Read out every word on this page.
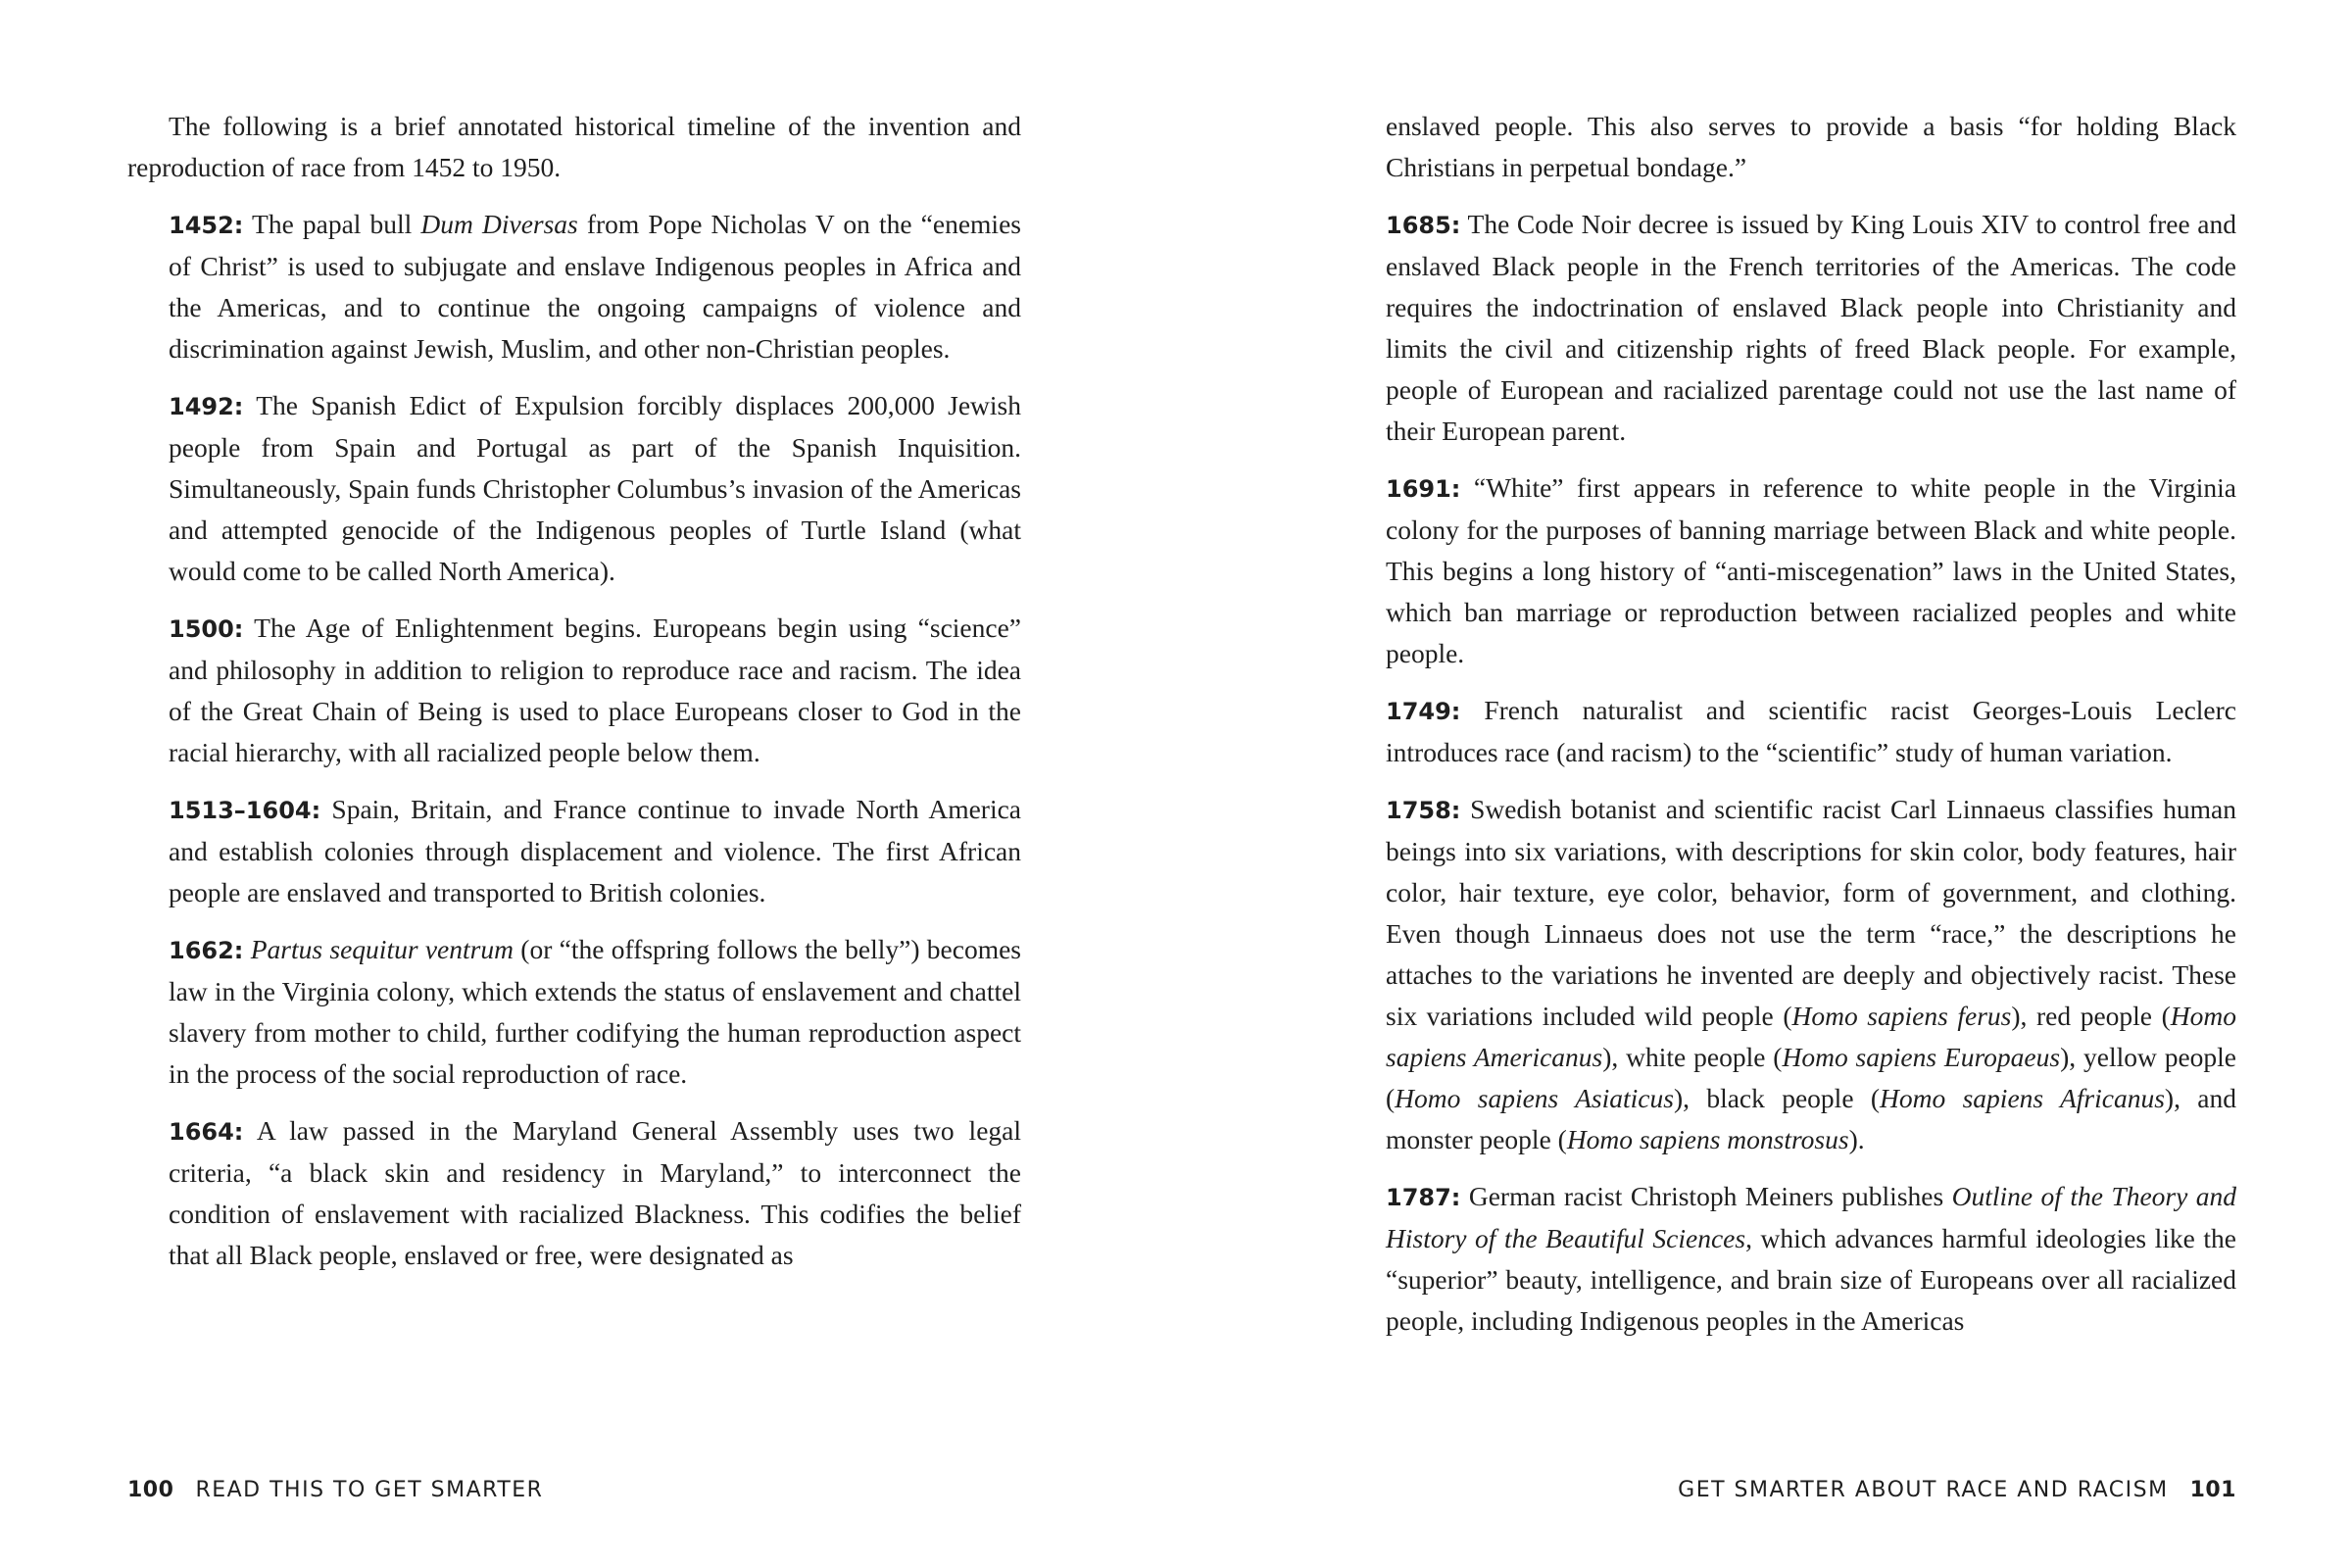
The following is a brief annotated historical timeline of the invention and reproduction of race from 1452 to 1950.

1452: The papal bull Dum Diversas from Pope Nicholas V on the “enemies of Christ” is used to subjugate and enslave Indigenous peoples in Africa and the Americas, and to continue the ongoing campaigns of violence and discrimination against Jewish, Muslim, and other non-Christian peoples.

1492: The Spanish Edict of Expulsion forcibly displaces 200,000 Jewish people from Spain and Portugal as part of the Spanish Inquisition. Simultaneously, Spain funds Christopher Columbus’s invasion of the Americas and attempted genocide of the Indigenous peoples of Turtle Island (what would come to be called North America).

1500: The Age of Enlightenment begins. Europeans begin using “science” and philosophy in addition to religion to reproduce race and racism. The idea of the Great Chain of Being is used to place Europeans closer to God in the racial hierarchy, with all racialized people below them.

1513–1604: Spain, Britain, and France continue to invade North America and establish colonies through displacement and violence. The first African people are enslaved and transported to British colonies.

1662: Partus sequitur ventrum (or “the offspring follows the belly”) becomes law in the Virginia colony, which extends the status of enslavement and chattel slavery from mother to child, further codifying the human reproduction aspect in the process of the social reproduction of race.

1664: A law passed in the Maryland General Assembly uses two legal criteria, “a black skin and residency in Maryland,” to interconnect the condition of enslavement with racialized Blackness. This codifies the belief that all Black people, enslaved or free, were designated as

100 READ THIS TO GET SMARTER

enslaved people. This also serves to provide a basis “for holding Black Christians in perpetual bondage.”

1685: The Code Noir decree is issued by King Louis XIV to control free and enslaved Black people in the French territories of the Americas. The code requires the indoctrination of enslaved Black people into Christianity and limits the civil and citizenship rights of freed Black people. For example, people of European and racialized parentage could not use the last name of their European parent.

1691: “White” first appears in reference to white people in the Virginia colony for the purposes of banning marriage between Black and white people. This begins a long history of “anti-miscegenation” laws in the United States, which ban marriage or reproduction between racialized peoples and white people.

1749: French naturalist and scientific racist Georges-Louis Leclerc introduces race (and racism) to the “scientific” study of human variation.

1758: Swedish botanist and scientific racist Carl Linnaeus classifies human beings into six variations, with descriptions for skin color, body features, hair color, hair texture, eye color, behavior, form of government, and clothing. Even though Linnaeus does not use the term “race,” the descriptions he attaches to the variations he invented are deeply and objectively racist. These six variations included wild people (Homo sapiens ferus), red people (Homo sapiens Americanus), white people (Homo sapiens Europaeus), yellow people (Homo sapiens Asiaticus), black people (Homo sapiens Africanus), and monster people (Homo sapiens monstrosus).

1787: German racist Christoph Meiners publishes Outline of the Theory and History of the Beautiful Sciences, which advances harmful ideologies like the “superior” beauty, intelligence, and brain size of Europeans over all racialized people, including Indigenous peoples in the Americas

GET SMARTER ABOUT RACE AND RACISM 101
